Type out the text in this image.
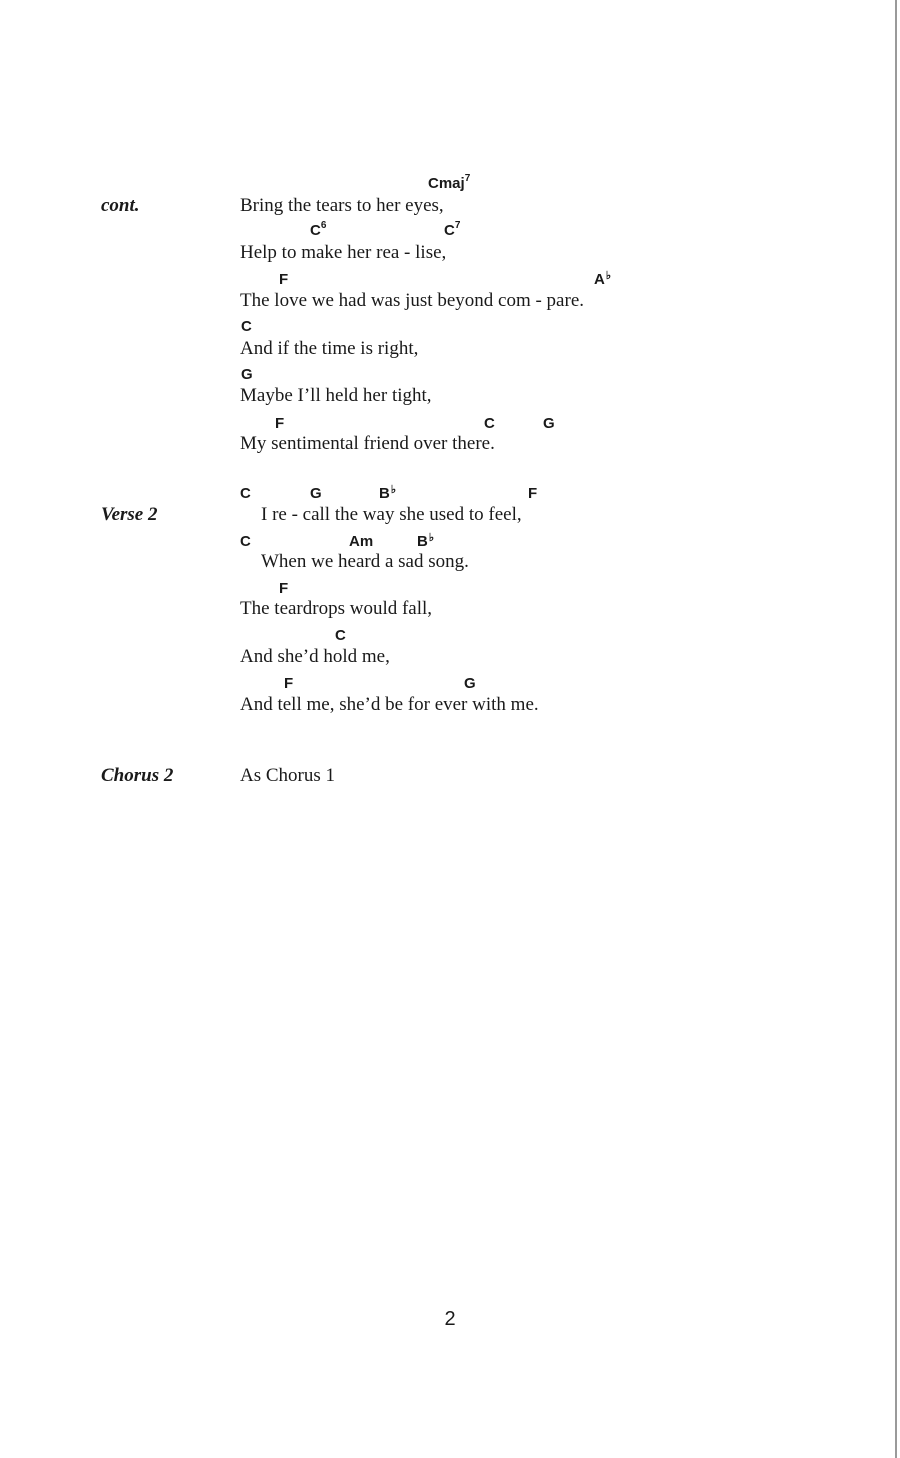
cont.
Cmaj$^7$
Bring the tears to her eyes,
$C^6$	$C^7$
Help to make her rea - lise,
F	A♭
The love we had was just beyond com - pare.
C
And if the time is right,
G
Maybe I’ll held her tight,
F	C	G
My sentimental friend over there.
Verse 2
C	G	B♭	F
I re - call the way she used to feel,
C	Am	B♭
When we heard a sad song.
F
The teardrops would fall,
C
And she’d hold me,
F	G
And tell me, she’d be for ever with me.
Chorus 2	As Chorus 1
2
